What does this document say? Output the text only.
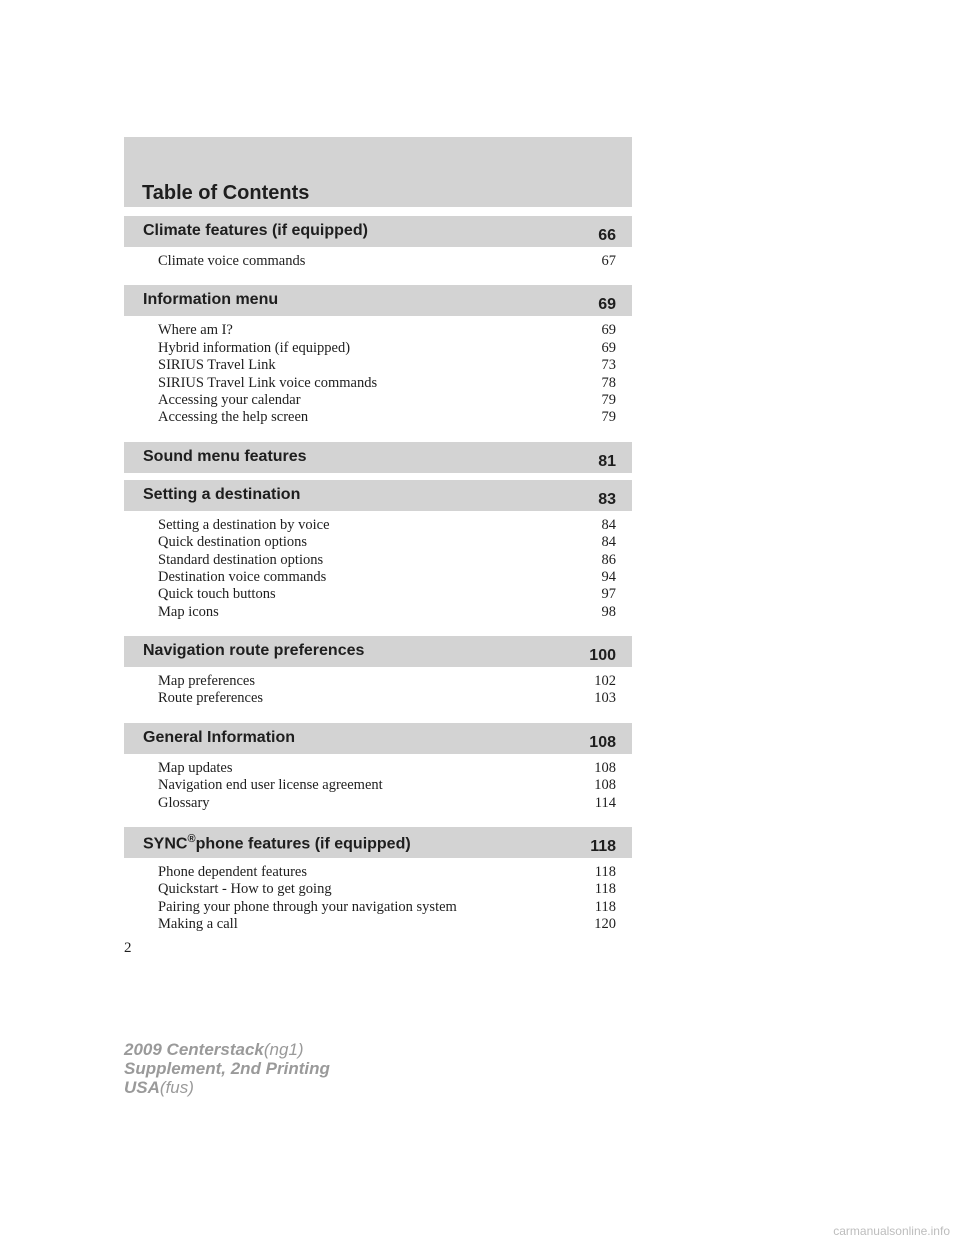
Table of Contents
Climate features (if equipped)	66
Climate voice commands	67
Information menu	69
Where am I?	69
Hybrid information (if equipped)	69
SIRIUS Travel Link	73
SIRIUS Travel Link voice commands	78
Accessing your calendar	79
Accessing the help screen	79
Sound menu features	81
Setting a destination	83
Setting a destination by voice	84
Quick destination options	84
Standard destination options	86
Destination voice commands	94
Quick touch buttons	97
Map icons	98
Navigation route preferences	100
Map preferences	102
Route preferences	103
General Information	108
Map updates	108
Navigation end user license agreement	108
Glossary	114
SYNC®phone features (if equipped)	118
Phone dependent features	118
Quickstart - How to get going	118
Pairing your phone through your navigation system	118
Making a call	120
2
2009 Centerstack(ng1)
Supplement, 2nd Printing
USA(fus)
carmanualsonline.info
